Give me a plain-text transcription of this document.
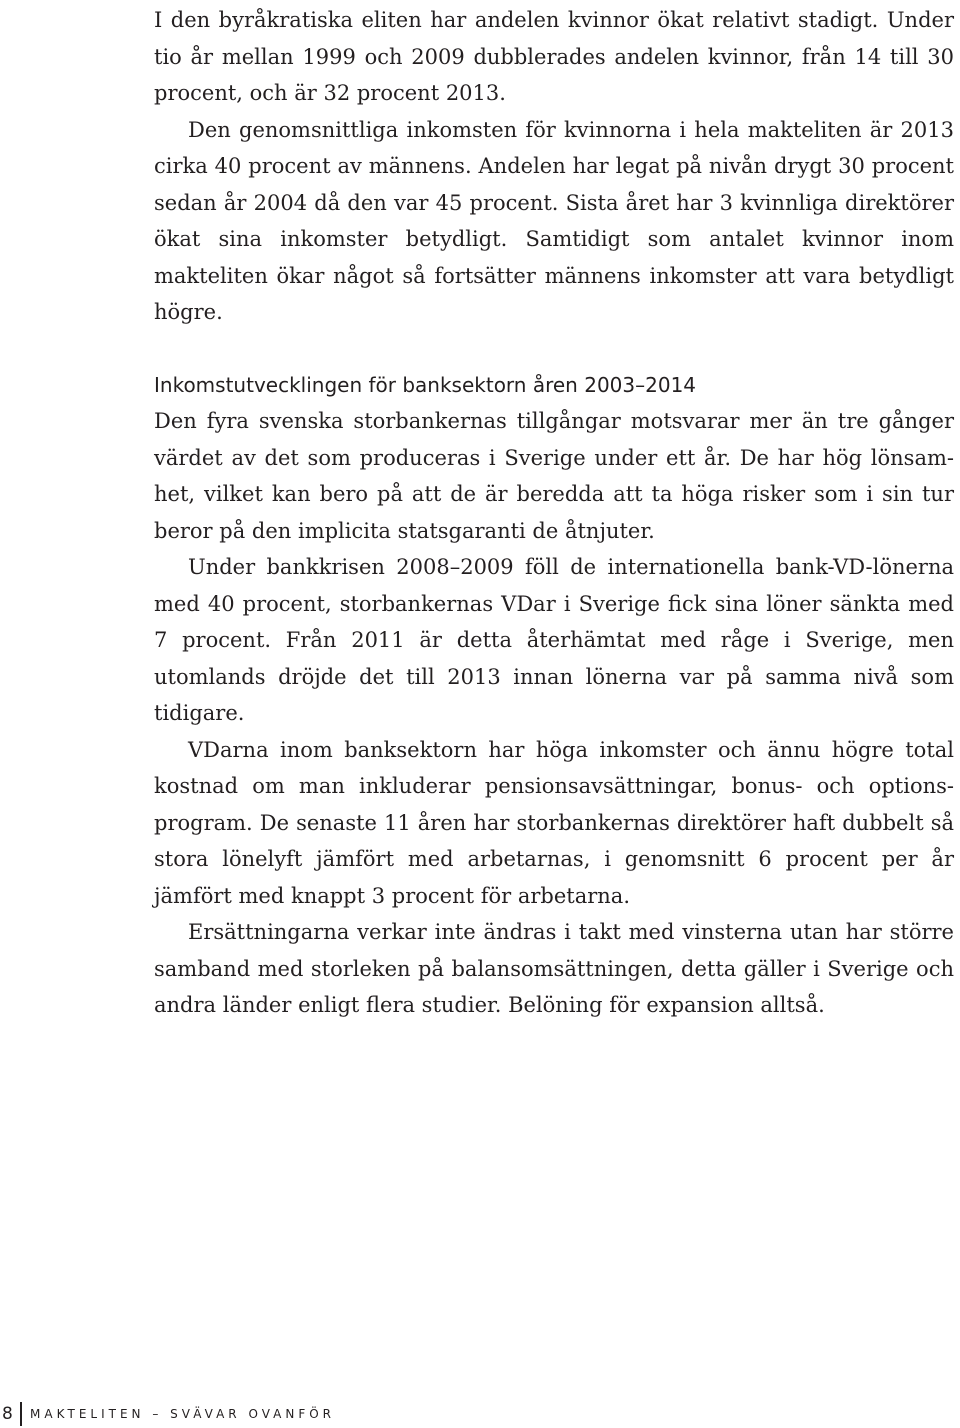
I den byråkratiska eliten har andelen kvinnor ökat relativt stadigt. Under tio år mellan 1999 och 2009 dubblerades andelen kvinnor, från 14 till 30 procent, och är 32 procent 2013.

Den genomsnittliga inkomsten för kvinnorna i hela makteliten är 2013 cirka 40 procent av männens. Andelen har legat på nivån drygt 30 procent sedan år 2004 då den var 45 procent. Sista året har 3 kvinnliga direktörer ökat sina inkomster betydligt. Samtidigt som antalet kvinnor inom makteliten ökar något så fortsätter männens inkomster att vara betydligt högre.

Inkomstutvecklingen för banksektorn åren 2003–2014

Den fyra svenska storbankernas tillgångar motsvarar mer än tre gånger värdet av det som produceras i Sverige under ett år. De har hög lönsamhet, vilket kan bero på att de är beredda att ta höga risker som i sin tur beror på den implicita statsgaranti de åtnjuter.

Under bankkrisen 2008–2009 föll de internationella bank-VD-lönerna med 40 procent, storbankernas VDar i Sverige fick sina löner sänkta med 7 procent. Från 2011 är detta återhämtat med råge i Sverige, men utomlands dröjde det till 2013 innan lönerna var på samma nivå som tidigare.

VDarna inom banksektorn har höga inkomster och ännu högre total kostnad om man inkluderar pensionsavsättningar, bonus- och optionsprogram. De senaste 11 åren har storbankernas direktörer haft dubbelt så stora lönelyft jämfört med arbetarnas, i genomsnitt 6 procent per år jämfört med knappt 3 procent för arbetarna.

Ersättningarna verkar inte ändras i takt med vinsterna utan har större samband med storleken på balansomsättningen, detta gäller i Sverige och andra länder enligt flera studier. Belöning för expansion alltså.

8	MAKTELITEN – SVÄVAR OVANFÖR
